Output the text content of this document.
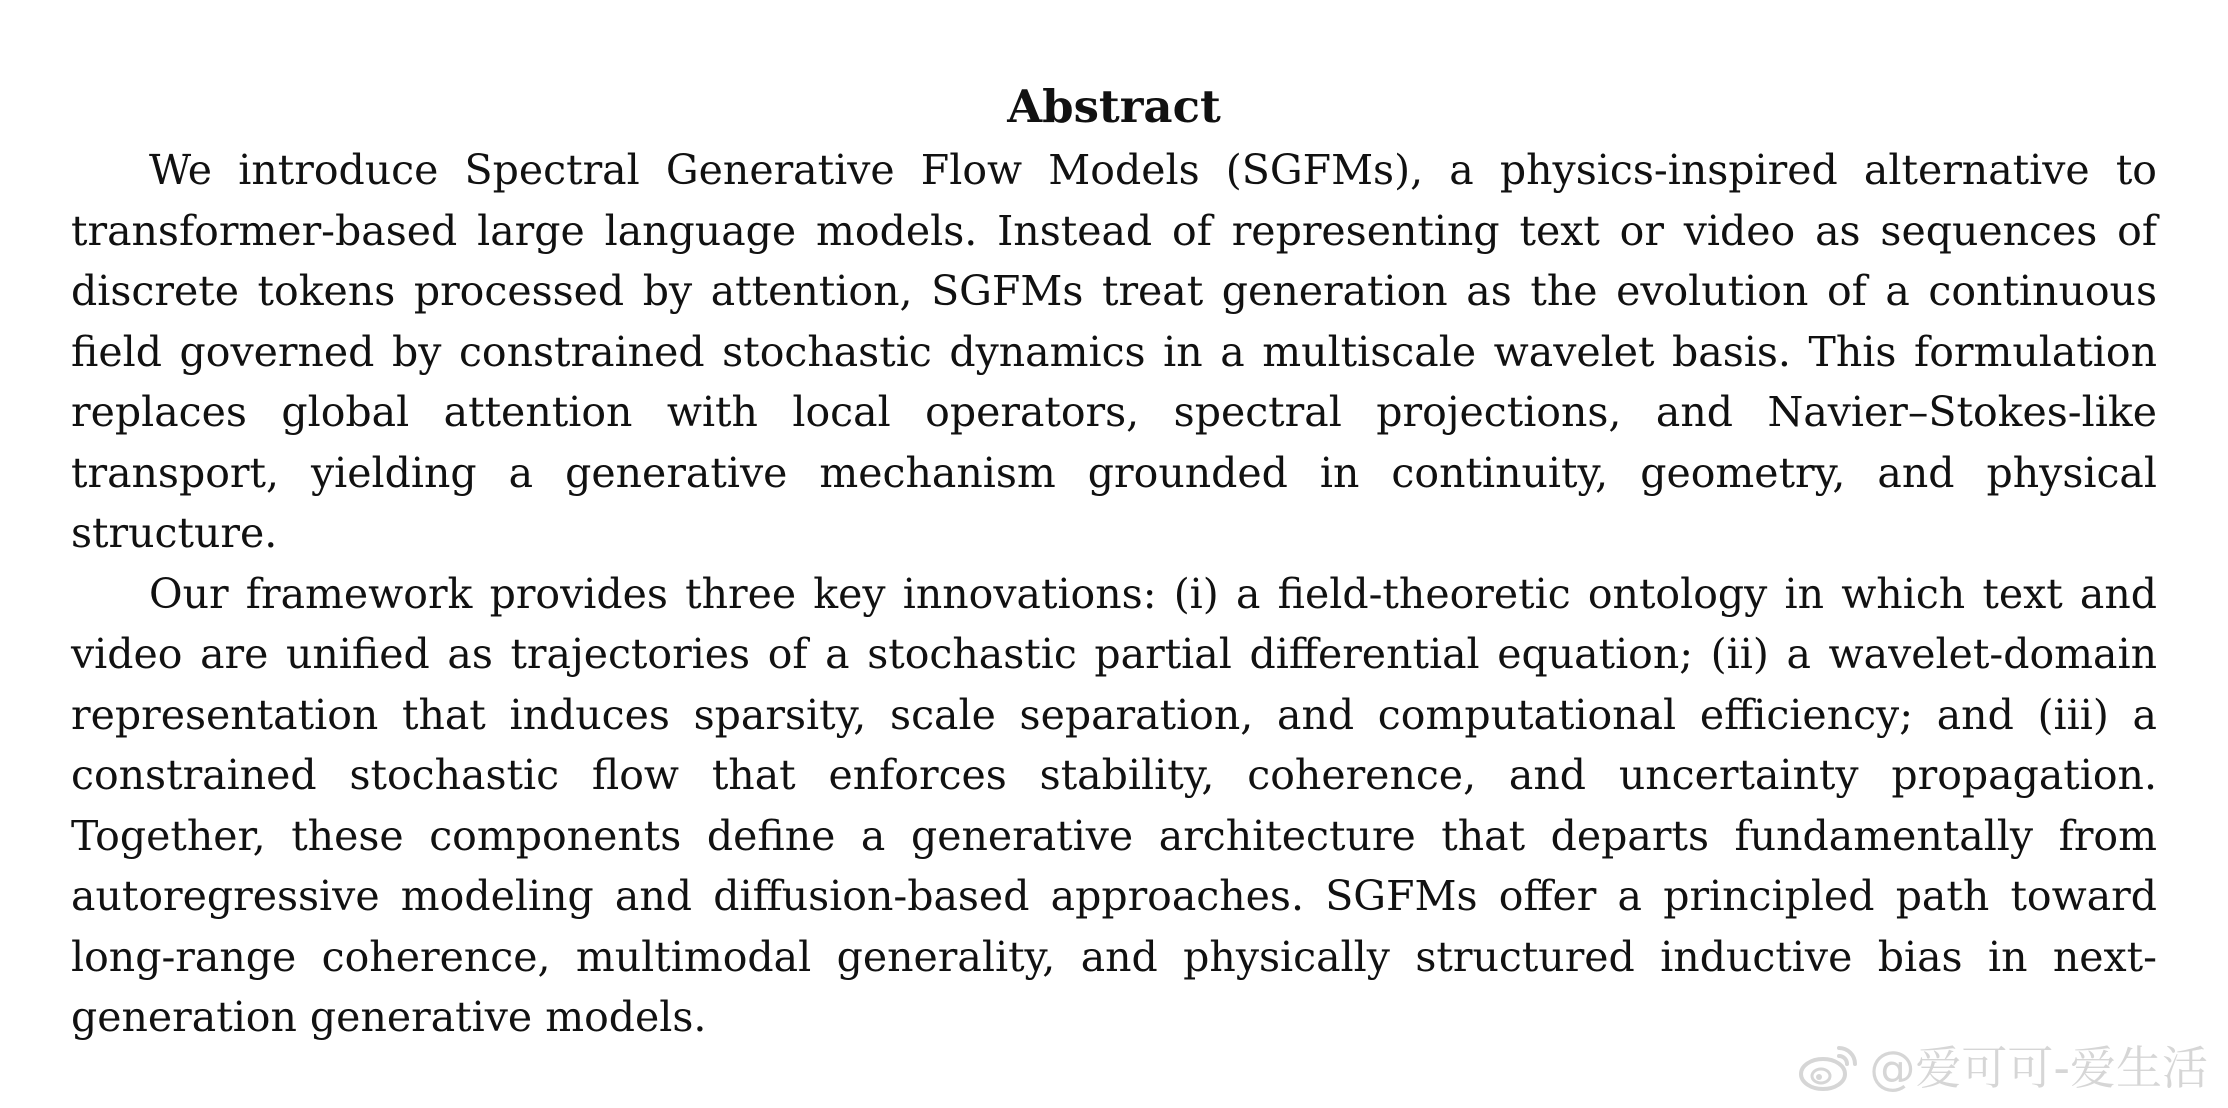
Abstract

We introduce Spectral Generative Flow Models (SGFMs), a physics-inspired alternative to transformer-based large language models. Instead of representing text or video as sequences of discrete tokens processed by attention, SGFMs treat generation as the evolution of a continuous field governed by constrained stochastic dynamics in a multiscale wavelet basis. This formulation replaces global attention with local operators, spectral projections, and Navier–Stokes-like transport, yielding a generative mechanism grounded in continuity, geometry, and physical structure.

Our framework provides three key innovations: (i) a field-theoretic ontology in which text and video are unified as trajectories of a stochastic partial differential equation; (ii) a wavelet-domain representation that induces sparsity, scale separation, and computational efficiency; and (iii) a constrained stochastic flow that enforces stability, coherence, and uncertainty propagation. Together, these components define a generative architecture that departs fundamentally from autoregressive modeling and diffusion-based approaches. SGFMs offer a principled path toward long-range coherence, multimodal generality, and physically structured inductive bias in next-generation generative models.

@爱可可-爱生活
